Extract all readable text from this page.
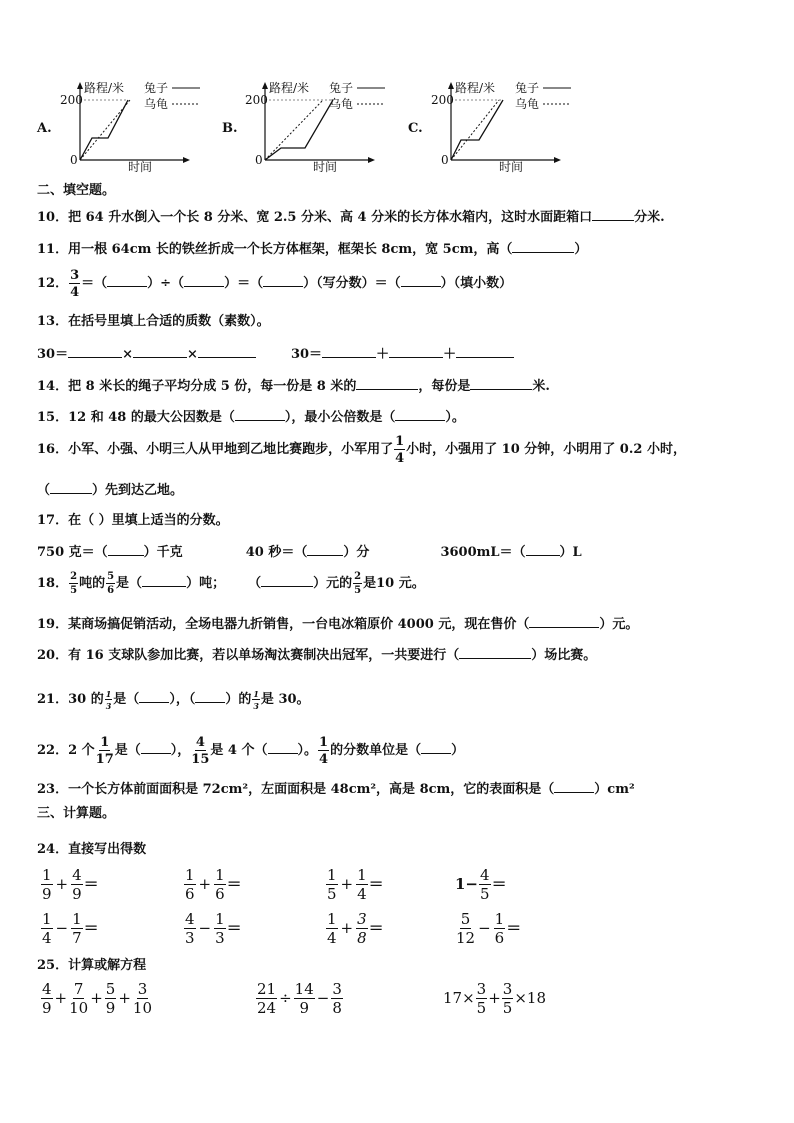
A.	B.	C.
200
0
路程/米
时间
兔子
乌龟	200
0
路程/米
时间
兔子
乌龟	200
0
路程/米
时间
兔子
乌龟
二、填空题。
10．把 64 升水倒入一个长 8 分米、宽 2.5 分米、高 4 分米的长方体水箱内，这时水面距箱口	分米.
11．用一根 64cm 长的铁丝折成一个长方体框架，框架长 8cm，宽 5cm，高（	）
12． $\frac{3}{4}$ ＝（	）÷（	）＝（	）（写分数）＝（	）（填小数）
13．在括号里填上合适的质数（素数）。
30＝	×	×	30＝	＋	＋
14．把 8 米长的绳子平均分成 5 份，每一份是 8 米的	，每份是	米.
15．12 和 48 的最大公因数是（	），最小公倍数是（	）。
16．小军、小强、小明三人从甲地到乙地比赛跑步，小军用了 $\frac{1}{4}$ 小时，小强用了 10 分钟，小明用了 0.2 小时，
（	）先到达乙地。
17．在（ ）里填上适当的分数。
750 克＝（	）千克	40 秒＝（	）分	3600mL＝（	）L
18． $\frac{2}{5}$ 吨的 $\frac{5}{6}$ 是（	）吨； （	）元的 $\frac{2}{5}$ 是10 元。
19．某商场搞促销活动，全场电器九折销售，一台电冰箱原价 4000 元，现在售价（	）元。
20．有 16 支球队参加比赛，若以单场淘汰赛制决出冠军，一共要进行（	）场比赛。
21．30 的 $\frac{1}{3}$ 是（ ），（ ）的 $\frac{1}{3}$ 是 30。
22．2 个 $\frac{1}{17}$ 是（ ）， $\frac{4}{15}$ 是 4 个（ ）。 $\frac{1}{4}$ 的分数单位是（ ）
23．一个长方体前面面积是 72cm²，左面面积是 48cm²，高是 8cm，它的表面积是（	）cm²
三、计算题。
24．直接写出得数
$\frac{1}{9} + \frac{4}{9}$ ＝	$\frac{1}{6} + \frac{1}{6}$ ＝	$\frac{1}{5} + \frac{1}{4}$ ＝	$1- \frac{4}{5}$ ＝
$\frac{1}{4} - \frac{1}{7}$ ＝	$\frac{4}{3} - \frac{1}{3}$ ＝	$\frac{1}{4} + \frac{3}{8}$ ＝	$\frac{5}{12} - \frac{1}{6}$ ＝
25．计算或解方程
$\frac{4}{9} + \frac{7}{10} + \frac{5}{9} + \frac{3}{10}$	$\frac{21}{24} \div \frac{14}{9} - \frac{3}{8}$	$17\times \frac{3}{5} + \frac{3}{5} \times 18$
